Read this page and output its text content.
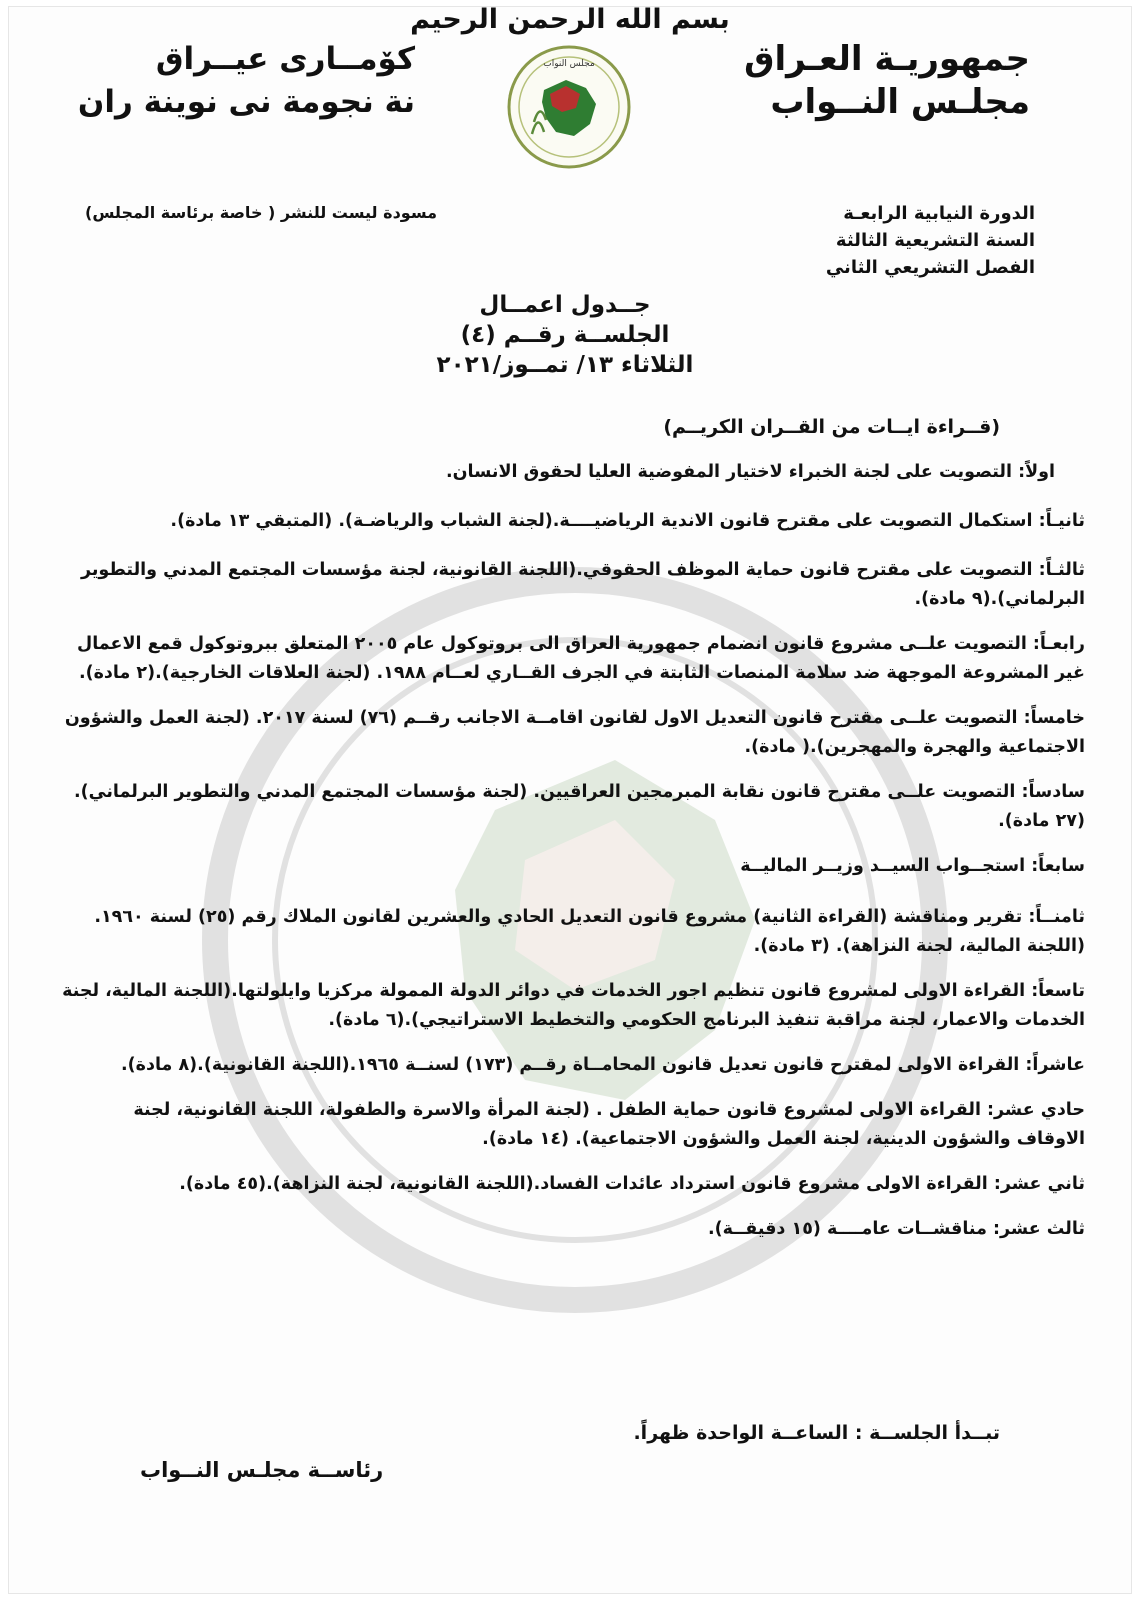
بسم الله الرحمن الرحيم
جمهوريـة العـراق
مجلـس النــواب
كۆمــارى عيــراق
نة نجومة نى نوينة ران
مجلس النواب
الدورة النيابية الرابعـة
السنة التشريعية الثالثة
الفصل التشريعي الثاني
مسودة ليست للنشر ( خاصة برئاسة المجلس)
جــدول اعمــال
الجلســة رقــم (٤)
الثلاثاء ١٣/ تمــوز/٢٠٢١
(قــراءة ايــات من القــران الكريــم)
اولاً: التصويت على لجنة الخبراء لاختيار المفوضية العليا لحقوق الانسان.
ثانيـاً: استكمال التصويت على مقترح قانون الاندية الرياضيــــة.(لجنة الشباب والرياضـة). (المتبقي ١٣ مادة).
ثالثـاً: التصويت على مقترح قانون حماية الموظف الحقوقي.(اللجنة القانونية، لجنة مؤسسات المجتمع المدني والتطوير البرلماني).(٩ مادة).
رابعـاً: التصويت علــى مشروع قانون انضمام جمهورية العراق الى بروتوكول عام ٢٠٠٥ المتعلق ببروتوكول قمع الاعمال غير المشروعة الموجهة ضد سلامة المنصات الثابتة في الجرف القــاري لعــام ١٩٨٨. (لجنة العلاقات الخارجية).(٢ مادة).
خامساً: التصويت علــى مقترح قانون التعديل الاول لقانون اقامــة الاجانب رقــم (٧٦) لسنة ٢٠١٧. (لجنة العمل والشؤون الاجتماعية والهجرة والمهجرين).( مادة).
سادساً: التصويت علــى مقترح قانون نقابة المبرمجين العراقيين. (لجنة مؤسسات المجتمع المدني والتطوير البرلماني).(٢٧ مادة).
سابعاً: استجــواب السيــد وزيــر الماليــة
ثامنــاً: تقرير ومناقشة (القراءة الثانية) مشروع قانون التعديل الحادي والعشرين لقانون الملاك رقم (٢٥) لسنة ١٩٦٠. (اللجنة المالية، لجنة النزاهة). (٣ مادة).
تاسعاً: القراءة الاولى لمشروع قانون تنظيم اجور الخدمات في دوائر الدولة الممولة مركزيا وايلولتها.(اللجنة المالية، لجنة الخدمات والاعمار، لجنة مراقبة تنفيذ البرنامج الحكومي والتخطيط الاستراتيجي).(٦ مادة).
عاشراً: القراءة الاولى لمقترح قانون تعديل قانون المحامــاة رقــم (١٧٣) لسنــة ١٩٦٥.(اللجنة القانونية).(٨ مادة).
حادي عشر: القراءة الاولى لمشروع قانون حماية الطفل . (لجنة المرأة والاسرة والطفولة، اللجنة القانونية، لجنة الاوقاف والشؤون الدينية، لجنة العمل والشؤون الاجتماعية). (١٤ مادة).
ثاني عشر: القراءة الاولى مشروع قانون استرداد عائدات الفساد.(اللجنة القانونية، لجنة النزاهة).(٤٥ مادة).
ثالث عشر: مناقشــات عامــــة (١٥ دقيقــة).
تبــدأ الجلســة : الساعــة الواحدة ظهراً.
رئاســة مجلـس النــواب
